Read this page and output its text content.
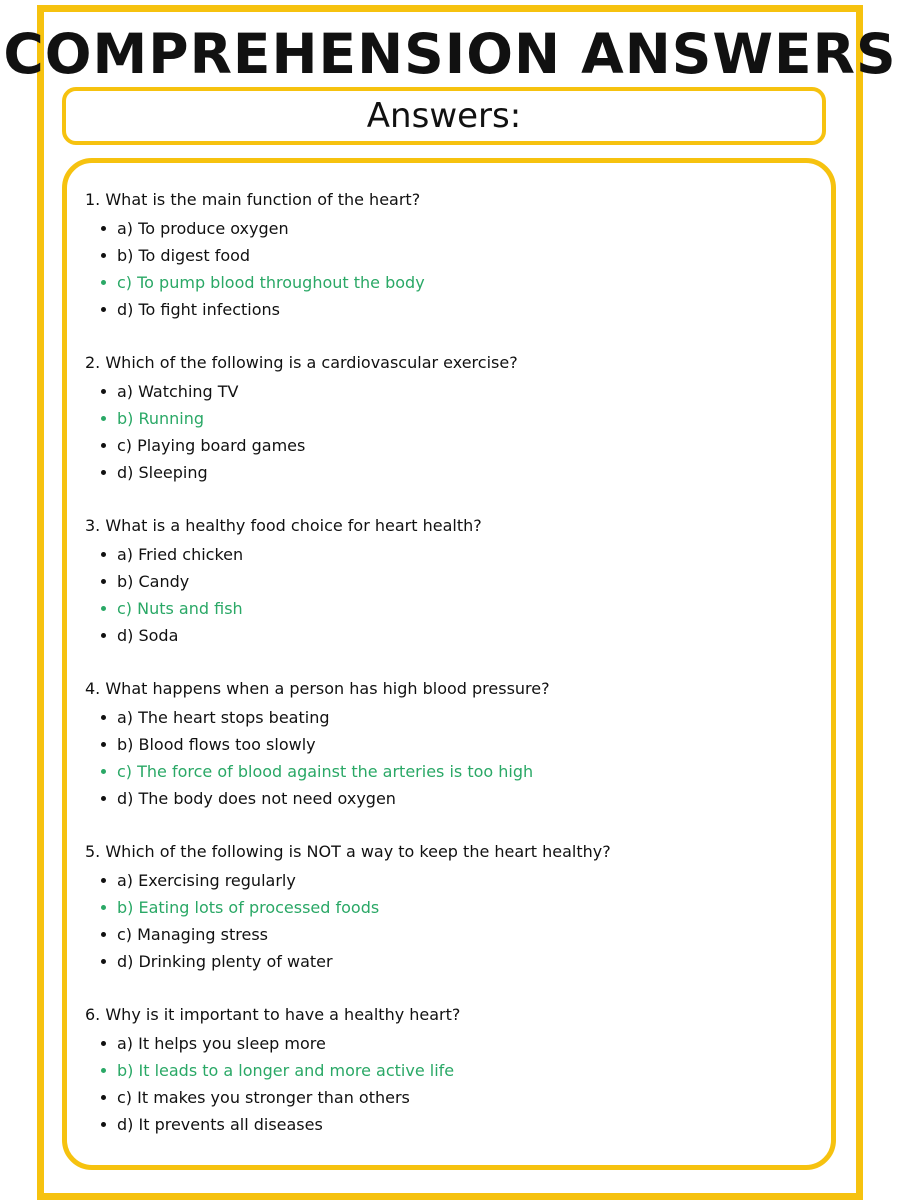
COMPREHENSION ANSWERS
Answers:

1. What is the main function of the heart?

a) To produce oxygen
b) To digest food
c) To pump blood throughout the body
d) To fight infections

2. Which of the following is a cardiovascular exercise?

a) Watching TV
b) Running
c) Playing board games
d) Sleeping

3. What is a healthy food choice for heart health?

a) Fried chicken
b) Candy
c) Nuts and fish
d) Soda

4. What happens when a person has high blood pressure?

a) The heart stops beating
b) Blood flows too slowly
c) The force of blood against the arteries is too high
d) The body does not need oxygen

5. Which of the following is NOT a way to keep the heart healthy?

a) Exercising regularly
b) Eating lots of processed foods
c) Managing stress
d) Drinking plenty of water

6. Why is it important to have a healthy heart?

a) It helps you sleep more
b) It leads to a longer and more active life
c) It makes you stronger than others
d) It prevents all diseases
